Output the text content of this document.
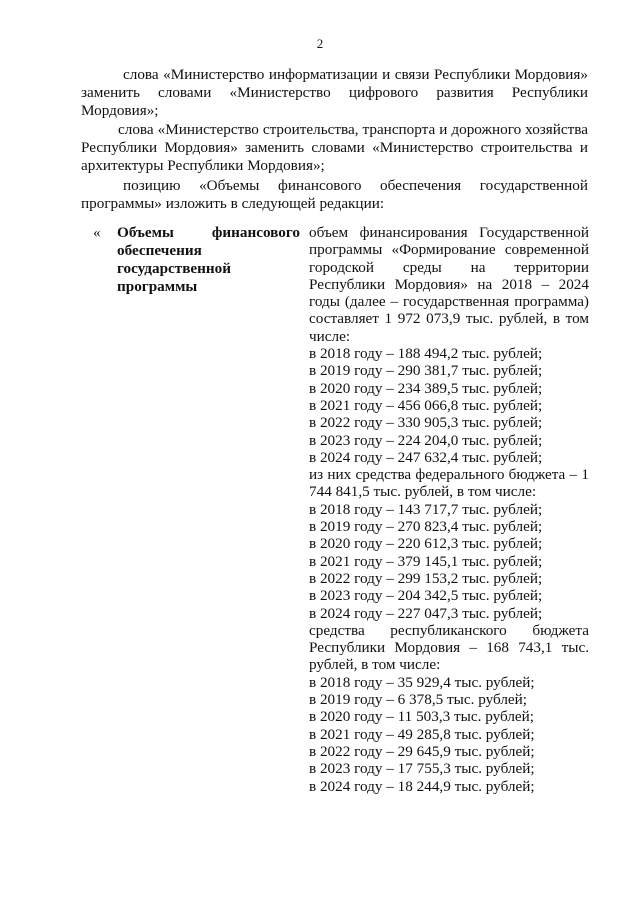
2

слова «Министерство информатизации и связи Республики Мордовия» заменить словами «Министерство цифрового развития Республики Мордовия»;

слова «Министерство строительства, транспорта и дорожного хозяйства Республики Мордовия» заменить словами «Министерство строительства и архитектуры Республики Мордовия»;

позицию «Объемы финансового обеспечения государственной программы» изложить в следующей редакции:

« Объемы финансового
обеспечения
государственной
программы

объем финансирования Государственной программы «Формирование современной городской среды на территории Республики Мордовия» на 2018 – 2024 годы (далее – государственная программа) составляет 1 972 073,9 тыс. рублей, в том числе:

в 2018 году – 188 494,2 тыс. рублей;
в 2019 году – 290 381,7 тыс. рублей;
в 2020 году – 234 389,5 тыс. рублей;
в 2021 году – 456 066,8 тыс. рублей;
в 2022 году – 330 905,3 тыс. рублей;
в 2023 году – 224 204,0 тыс. рублей;
в 2024 году – 247 632,4 тыс. рублей;

из них средства федерального бюджета – 1 744 841,5 тыс. рублей, в том числе:

в 2018 году – 143 717,7 тыс. рублей;
в 2019 году – 270 823,4 тыс. рублей;
в 2020 году – 220 612,3 тыс. рублей;
в 2021 году – 379 145,1 тыс. рублей;
в 2022 году – 299 153,2 тыс. рублей;
в 2023 году – 204 342,5 тыс. рублей;
в 2024 году – 227 047,3 тыс. рублей;

средства республиканского бюджета Республики Мордовия – 168 743,1 тыс. рублей, в том числе:

в 2018 году – 35 929,4 тыс. рублей;
в 2019 году – 6 378,5 тыс. рублей;
в 2020 году – 11 503,3 тыс. рублей;
в 2021 году – 49 285,8 тыс. рублей;
в 2022 году – 29 645,9 тыс. рублей;
в 2023 году – 17 755,3 тыс. рублей;
в 2024 году – 18 244,9 тыс. рублей;
